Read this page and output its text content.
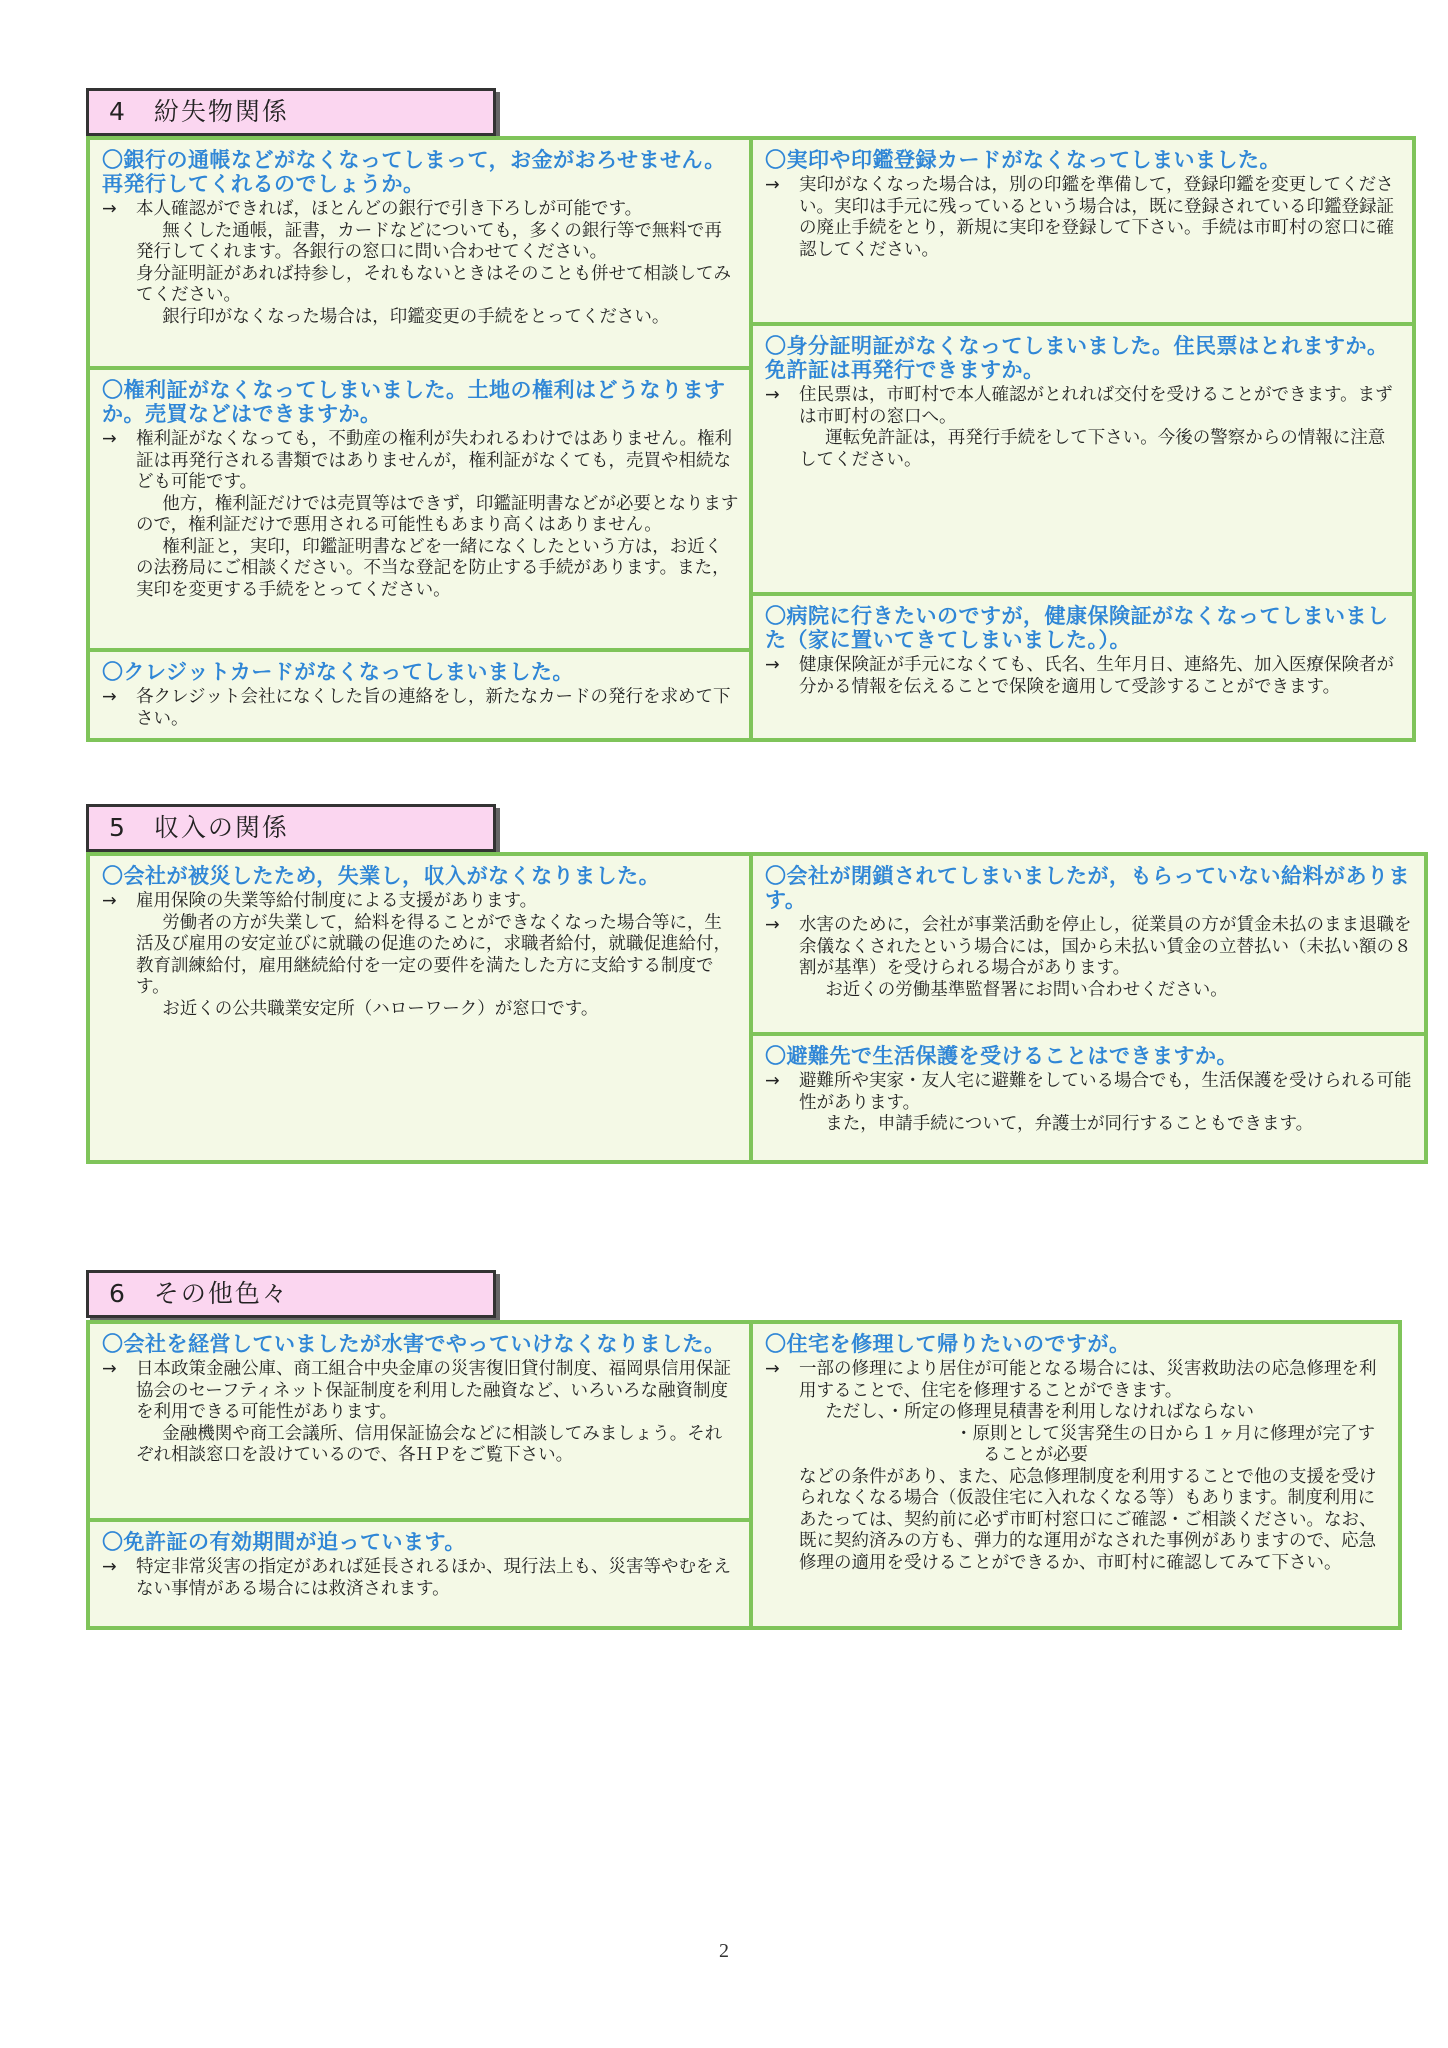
4　紛失物関係
〇銀行の通帳などがなくなってしまって，お金がおろせません。再発行してくれるのでしょうか。

→ 本人確認ができれば，ほとんどの銀行で引き下ろしが可能です。

無くした通帳，証書，カードなどについても，多くの銀行等で無料で再発行してくれます。各銀行の窓口に問い合わせてください。

身分証明証があれば持参し，それもないときはそのことも併せて相談してみてください。

銀行印がなくなった場合は，印鑑変更の手続をとってください。

〇権利証がなくなってしまいました。土地の権利はどうなりますか。売買などはできますか。

→ 権利証がなくなっても，不動産の権利が失われるわけではありません。権利証は再発行される書類ではありませんが，権利証がなくても，売買や相続なども可能です。

他方，権利証だけでは売買等はできず，印鑑証明書などが必要となりますので，権利証だけで悪用される可能性もあまり高くはありません。

権利証と，実印，印鑑証明書などを一緒になくしたという方は，お近くの法務局にご相談ください。不当な登記を防止する手続があります。また，実印を変更する手続をとってください。

〇クレジットカードがなくなってしまいました。

→ 各クレジット会社になくした旨の連絡をし，新たなカードの発行を求めて下さい。

〇実印や印鑑登録カードがなくなってしまいました。

→ 実印がなくなった場合は，別の印鑑を準備して，登録印鑑を変更してください。実印は手元に残っているという場合は，既に登録されている印鑑登録証の廃止手続をとり，新規に実印を登録して下さい。手続は市町村の窓口に確認してください。

〇身分証明証がなくなってしまいました。住民票はとれますか。免許証は再発行できますか。

→ 住民票は，市町村で本人確認がとれれば交付を受けることができます。まずは市町村の窓口へ。

運転免許証は，再発行手続をして下さい。今後の警察からの情報に注意してください。

〇病院に行きたいのですが，健康保険証がなくなってしまいました（家に置いてきてしまいました。）。

→ 健康保険証が手元になくても、氏名、生年月日、連絡先、加入医療保険者が分かる情報を伝えることで保険を適用して受診することができます。

5　収入の関係
〇会社が被災したため，失業し，収入がなくなりました。

→ 雇用保険の失業等給付制度による支援があります。

労働者の方が失業して，給料を得ることができなくなった場合等に，生活及び雇用の安定並びに就職の促進のために，求職者給付，就職促進給付，教育訓練給付，雇用継続給付を一定の要件を満たした方に支給する制度です。

お近くの公共職業安定所（ハローワーク）が窓口です。

〇会社が閉鎖されてしまいましたが，もらっていない給料があります。

→ 水害のために，会社が事業活動を停止し，従業員の方が賃金未払のまま退職を余儀なくされたという場合には，国から未払い賃金の立替払い（未払い額の８割が基準）を受けられる場合があります。

お近くの労働基準監督署にお問い合わせください。

〇避難先で生活保護を受けることはできますか。

→ 避難所や実家・友人宅に避難をしている場合でも，生活保護を受けられる可能性があります。

また，申請手続について，弁護士が同行することもできます。

6　その他色々
〇会社を経営していましたが水害でやっていけなくなりました。

→ 日本政策金融公庫、商工組合中央金庫の災害復旧貸付制度、福岡県信用保証協会のセーフティネット保証制度を利用した融資など、いろいろな融資制度を利用できる可能性があります。

金融機関や商工会議所、信用保証協会などに相談してみましょう。それぞれ相談窓口を設けているので、各ＨＰをご覧下さい。

〇免許証の有効期間が迫っています。

→ 特定非常災害の指定があれば延長されるほか、現行法上も、災害等やむをえない事情がある場合には救済されます。

〇住宅を修理して帰りたいのですが。

→ 一部の修理により居住が可能となる場合には、災害救助法の応急修理を利用することで、住宅を修理することができます。

ただし、・所定の修理見積書を利用しなければならない

・原則として災害発生の日から１ヶ月に修理が完了することが必要

などの条件があり、また、応急修理制度を利用することで他の支援を受けられなくなる場合（仮設住宅に入れなくなる等）もあります。制度利用にあたっては、契約前に必ず市町村窓口にご確認・ご相談ください。なお、既に契約済みの方も、弾力的な運用がなされた事例がありますので、応急修理の適用を受けることができるか、市町村に確認してみて下さい。

2
